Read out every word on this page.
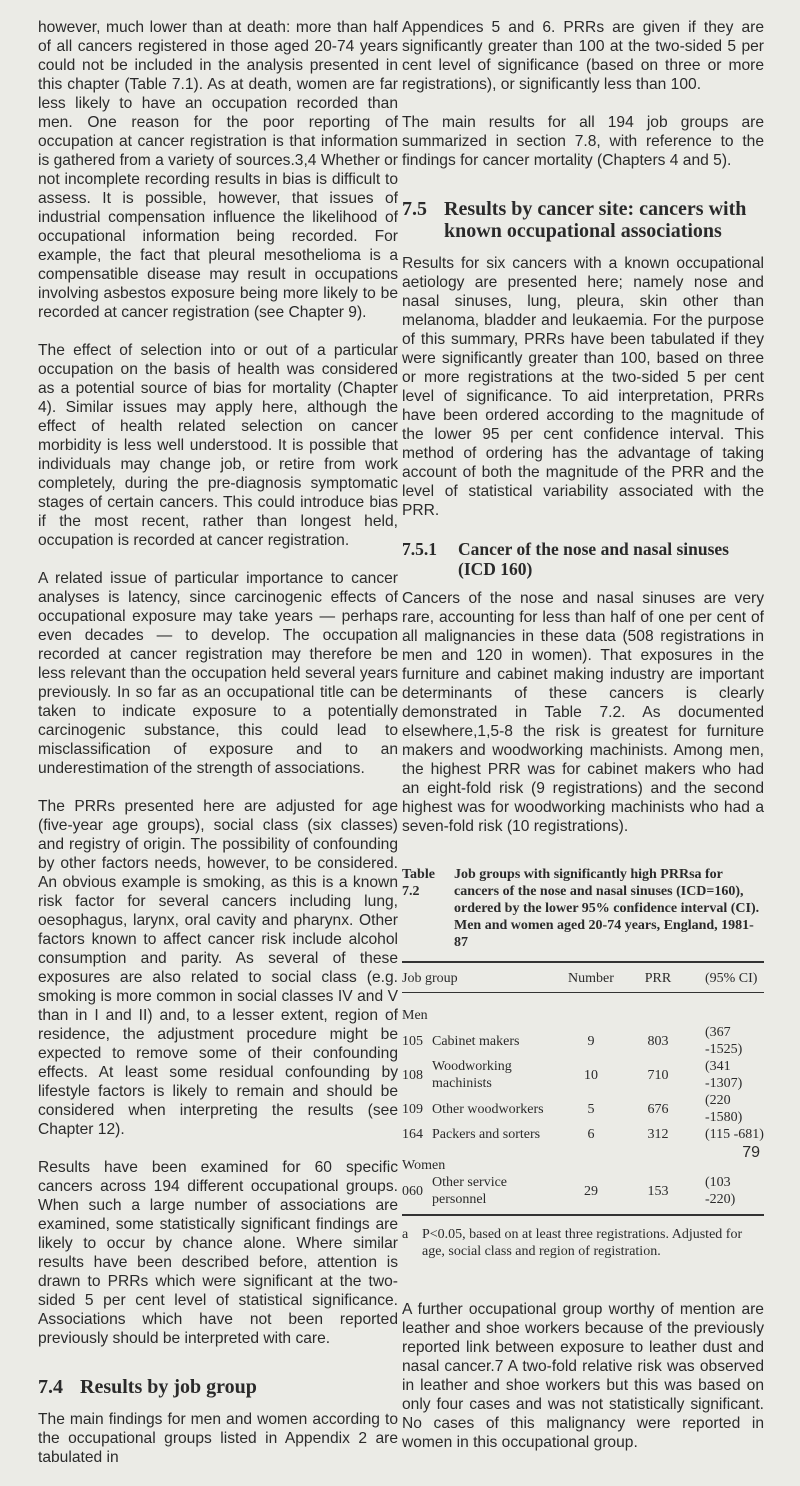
however, much lower than at death: more than half of all cancers registered in those aged 20-74 years could not be included in the analysis presented in this chapter (Table 7.1). As at death, women are far less likely to have an occupation recorded than men. One reason for the poor reporting of occupation at cancer registration is that information is gathered from a variety of sources.3,4 Whether or not incomplete recording results in bias is difficult to assess. It is possible, however, that issues of industrial compensation influence the likelihood of occupational information being recorded. For example, the fact that pleural mesothelioma is a compensatible disease may result in occupations involving asbestos exposure being more likely to be recorded at cancer registration (see Chapter 9).

The effect of selection into or out of a particular occupation on the basis of health was considered as a potential source of bias for mortality (Chapter 4). Similar issues may apply here, although the effect of health related selection on cancer morbidity is less well understood. It is possible that individuals may change job, or retire from work completely, during the pre-diagnosis symptomatic stages of certain cancers. This could introduce bias if the most recent, rather than longest held, occupation is recorded at cancer registration.

A related issue of particular importance to cancer analyses is latency, since carcinogenic effects of occupational exposure may take years — perhaps even decades — to develop. The occupation recorded at cancer registration may therefore be less relevant than the occupation held several years previously. In so far as an occupational title can be taken to indicate exposure to a potentially carcinogenic substance, this could lead to misclassification of exposure and to an underestimation of the strength of associations.

The PRRs presented here are adjusted for age (five-year age groups), social class (six classes) and registry of origin. The possibility of confounding by other factors needs, however, to be considered. An obvious example is smoking, as this is a known risk factor for several cancers including lung, oesophagus, larynx, oral cavity and pharynx. Other factors known to affect cancer risk include alcohol consumption and parity. As several of these exposures are also related to social class (e.g. smoking is more common in social classes IV and V than in I and II) and, to a lesser extent, region of residence, the adjustment procedure might be expected to remove some of their confounding effects. At least some residual confounding by lifestyle factors is likely to remain and should be considered when interpreting the results (see Chapter 12).

Results have been examined for 60 specific cancers across 194 different occupational groups. When such a large number of associations are examined, some statistically significant findings are likely to occur by chance alone. Where similar results have been described before, attention is drawn to PRRs which were significant at the two-sided 5 per cent level of statistical significance. Associations which have not been reported previously should be interpreted with care.

7.4 Results by job group

The main findings for men and women according to the occupational groups listed in Appendix 2 are tabulated in

Appendices 5 and 6. PRRs are given if they are significantly greater than 100 at the two-sided 5 per cent level of significance (based on three or more registrations), or significantly less than 100.

The main results for all 194 job groups are summarized in section 7.8, with reference to the findings for cancer mortality (Chapters 4 and 5).

7.5 Results by cancer site: cancers with known occupational associations

Results for six cancers with a known occupational aetiology are presented here; namely nose and nasal sinuses, lung, pleura, skin other than melanoma, bladder and leukaemia. For the purpose of this summary, PRRs have been tabulated if they were significantly greater than 100, based on three or more registrations at the two-sided 5 per cent level of significance. To aid interpretation, PRRs have been ordered according to the magnitude of the lower 95 per cent confidence interval. This method of ordering has the advantage of taking account of both the magnitude of the PRR and the level of statistical variability associated with the PRR.

7.5.1	Cancer of the nose and nasal sinuses (ICD 160)

Cancers of the nose and nasal sinuses are very rare, accounting for less than half of one per cent of all malignancies in these data (508 registrations in men and 120 in women). That exposures in the furniture and cabinet making industry are important determinants of these cancers is clearly demonstrated in Table 7.2. As documented elsewhere,1,5-8 the risk is greatest for furniture makers and woodworking machinists. Among men, the highest PRR was for cabinet makers who had an eight-fold risk (9 registrations) and the second highest was for woodworking machinists who had a seven-fold risk (10 registrations).

Table 7.2
Job groups with significantly high PRRsa for cancers of the nose and nasal sinuses (ICD=160), ordered by the lower 95% confidence interval (CI). Men and women aged 20-74 years, England, 1981-87
Job group		Number	PRR	(95% CI)
Men				
105	Cabinet makers	9	803	(367 -1525)
108	Woodworking machinists	10	710	(341 -1307)
109	Other woodworkers	5	676	(220 -1580)
164	Packers and sorters	6	312	(115 -681)
Women				
060	Other service personnel	29	153	(103 -220)
a P<0.05, based on at least three registrations. Adjusted for age, social class and region of registration.

A further occupational group worthy of mention are leather and shoe workers because of the previously reported link between exposure to leather dust and nasal cancer.7 A two-fold relative risk was observed in leather and shoe workers but this was based on only four cases and was not statistically significant. No cases of this malignancy were reported in women in this occupational group.

79
